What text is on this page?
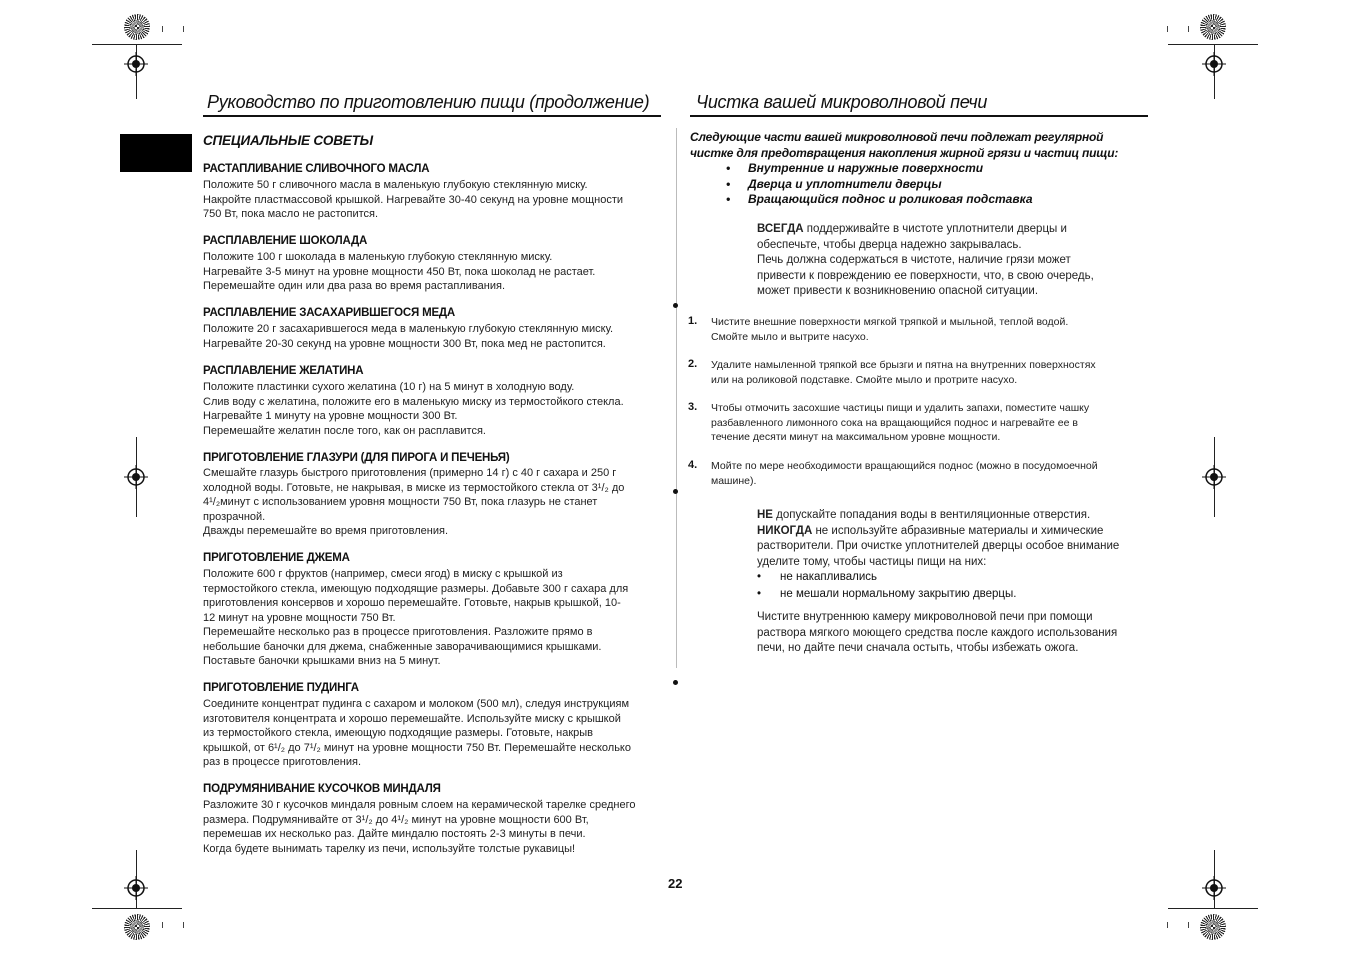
Руководство по приготовлению пищи (продолжение)
СПЕЦИАЛЬНЫЕ СОВЕТЫ
РАСТАПЛИВАНИЕ СЛИВОЧНОГО МАСЛА
Положите 50 г сливочного масла в маленькую глубокую стеклянную миску.
Накройте пластмассовой крышкой. Нагревайте 30-40 секунд на уровне мощности
750 Вт, пока масло не растопится.
РАСПЛАВЛЕНИЕ ШОКОЛАДА
Положите 100 г шоколада в маленькую глубокую стеклянную миску.
Нагревайте 3-5 минут на уровне мощности 450 Вт, пока шоколад не растает.
Перемешайте один или два раза во время растапливания.
РАСПЛАВЛЕНИЕ ЗАСАХАРИВШЕГОСЯ МЕДА
Положите 20 г засахарившегося меда в маленькую глубокую стеклянную миску.
Нагревайте 20-30 секунд на уровне мощности 300 Вт, пока мед не растопится.
РАСПЛАВЛЕНИЕ ЖЕЛАТИНА
Положите пластинки сухого желатина (10 г) на 5 минут в холодную воду.
Слив воду с желатина, положите его в маленькую миску из термостойкого стекла.
Нагревайте 1 минуту на уровне мощности 300 Вт.
Перемешайте желатин после того, как он расплавится.
ПРИГОТОВЛЕНИЕ ГЛАЗУРИ (ДЛЯ ПИРОГА И ПЕЧЕНЬЯ)
Смешайте глазурь быстрого приготовления (примерно 14 г) с 40 г сахара и 250 г
холодной воды. Готовьте, не накрывая, в миске из термостойкого стекла от 3¹/₂ до
4¹/₂минут с использованием уровня мощности 750 Вт, пока глазурь не станет
прозрачной.
Дважды перемешайте во время приготовления.
ПРИГОТОВЛЕНИЕ ДЖЕМА
Положите 600 г фруктов (например, смеси ягод) в миску с крышкой из
термостойкого стекла, имеющую подходящие размеры. Добавьте 300 г сахара для
приготовления консервов и хорошо перемешайте. Готовьте, накрыв крышкой, 10-
12 минут на уровне мощности 750 Вт.
Перемешайте несколько раз в процессе приготовления. Разложите прямо в
небольшие баночки для джема, снабженные заворачивающимися крышками.
Поставьте баночки крышками вниз на 5 минут.
ПРИГОТОВЛЕНИЕ ПУДИНГА
Соедините концентрат пудинга с сахаром и молоком (500 мл), следуя инструкциям
изготовителя концентрата и хорошо перемешайте. Используйте миску с крышкой
из термостойкого стекла, имеющую подходящие размеры. Готовьте, накрыв
крышкой, от 6¹/₂ до 7¹/₂ минут на уровне мощности 750 Вт. Перемешайте несколько
раз в процессе приготовления.
ПОДРУМЯНИВАНИЕ КУСОЧКОВ МИНДАЛЯ
Разложите 30 г кусочков миндаля ровным слоем на керамической тарелке среднего
размера. Подрумянивайте от 3¹/₂ до 4¹/₂ минут на уровне мощности 600 Вт,
перемешав их несколько раз. Дайте миндалю постоять 2-3 минуты в печи.
Когда будете вынимать тарелку из печи, используйте толстые рукавицы!
Чистка вашей микроволновой печи
Следующие части вашей микроволновой печи подлежат регулярной
чистке для предотвращения накопления жирной грязи и частиц пищи:
• Внутренние и наружные поверхности
• Дверца и уплотнители дверцы
• Вращающийся поднос и роликовая подставка
ВСЕГДА поддерживайте в чистоте уплотнители дверцы и
обеспечьте, чтобы дверца надежно закрывалась.
Печь должна содержаться в чистоте, наличие грязи может
привести к повреждению ее поверхности, что, в свою очередь,
может привести к возникновению опасной ситуации.
1. Чистите внешние поверхности мягкой тряпкой и мыльной, теплой водой.
Смойте мыло и вытрите насухо.
2. Удалите намыленной тряпкой все брызги и пятна на внутренних поверхностях
или на роликовой подставке. Смойте мыло и протрите насухо.
3. Чтобы отмочить засохшие частицы пищи и удалить запахи, поместите чашку
разбавленного лимонного сока на вращающийся поднос и нагревайте ее в
течение десяти минут на максимальном уровне мощности.
4. Мойте по мере необходимости вращающийся поднос (можно в посудомоечной
машине).
НЕ допускайте попадания воды в вентиляционные отверстия.
НИКОГДА не используйте абразивные материалы и химические
растворители. При очистке уплотнителей дверцы особое внимание
уделите тому, чтобы частицы пищи на них:
• не накапливались
• не мешали нормальному закрытию дверцы.
Чистите внутреннюю камеру микроволновой печи при помощи
раствора мягкого моющего средства после каждого использования
печи, но дайте печи сначала остыть, чтобы избежать ожога.
22
